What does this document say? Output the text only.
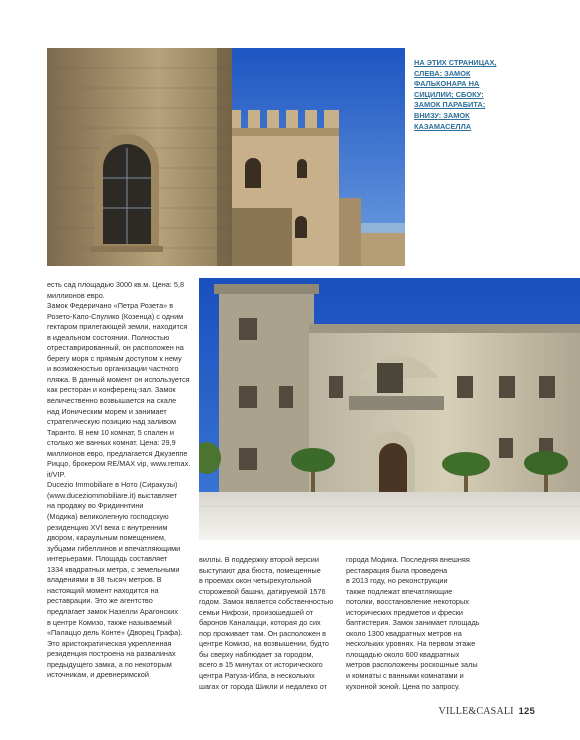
НА ЭТИХ СТРАНИЦАХ,
СЛЕВА: ЗАМОК
ФАЛЬКОНАРА НА
СИЦИЛИИ; СБОКУ:
ЗАМОК ПАРАБИТА;
ВНИЗУ: ЗАМОК
КАЗАМАСЕЛЛА
есть сад площадью 3000 кв.м. Цена: 5,8
миллионов евро.
Замок Федеричано «Петра Розета» в
Розето-Капо-Спулико (Козенца) с одним
гектаром прилегающей земли, находится
в идеальном состоянии. Полностью
отреставрированный, он расположен на
берегу моря с прямым доступом к нему
и возможностью организации частного
пляжа. В данный момент он используется
как ресторан и конференц-зал. Замок
величественно возвышается на скале
над Ионическим морем и занимает
стратегическую позицию над заливом
Таранто. В нем 10 комнат, 5 спален и
столько же ванных комнат. Цена: 29,9
миллионов евро, предлагается Джузеппе
Риццо, брокером RE/MAX vip, www.remax.
it/VIP.
Ducezio Immobiliare в Ното (Сиракузы)
(www.duceziommobiliare.it) выставляет
на продажу во Фридиннтини
(Модика) великолепную господскую
резиденцию XVI века с внутренним
двором, караульным помещением,
зубцами гибеллинов и впечатляющими
интерьерами. Площадь составляет
1334 квадратных метра, с земельными
владениями в 38 тысяч метров. В
настоящий момент находится на
реставрации. Это же агентство
предлагает замок Назелли Арагонских
в центре Комизо, также называемый
«Палаццо дель Конте» (Дворец Графа).
Это аристократическая укрепленная
резиденция построена на развалинах
предыдущего замка, а по некоторым
источникам, и древнеримской
виллы. В поддержку второй версии
выступают два бюста, помещенные
в проемах окон четырехугольной
сторожевой башни, датируемой 1576
годом. Замок является собственностью
семьи Нифози, произошедшей от
баронов Каналацци, которая до сих
пор проживает там. Он расположен в
центре Комизо, на возвышении, будто
бы сверху наблюдает за городом,
всего в 15 минутах от исторического
центра Рагуза-Ибла, в нескольких
шагах от города Шикли и недалеко от
города Модика. Последняя внешняя
реставрация была проведена
в 2013 году, но реконструкции
также подлежат впечатляющие
потолки, восстановление некоторых
исторических предметов и фрески
баптистерия. Замок занимает площадь
около 1300 квадратных метров на
нескольких уровнях. На первом этаже
площадью около 600 квадратных
метров расположены роскошные залы
и комнаты с ванными комнатами и
кухонной зоной. Цена по запросу.
VILLE&CASALI 125
